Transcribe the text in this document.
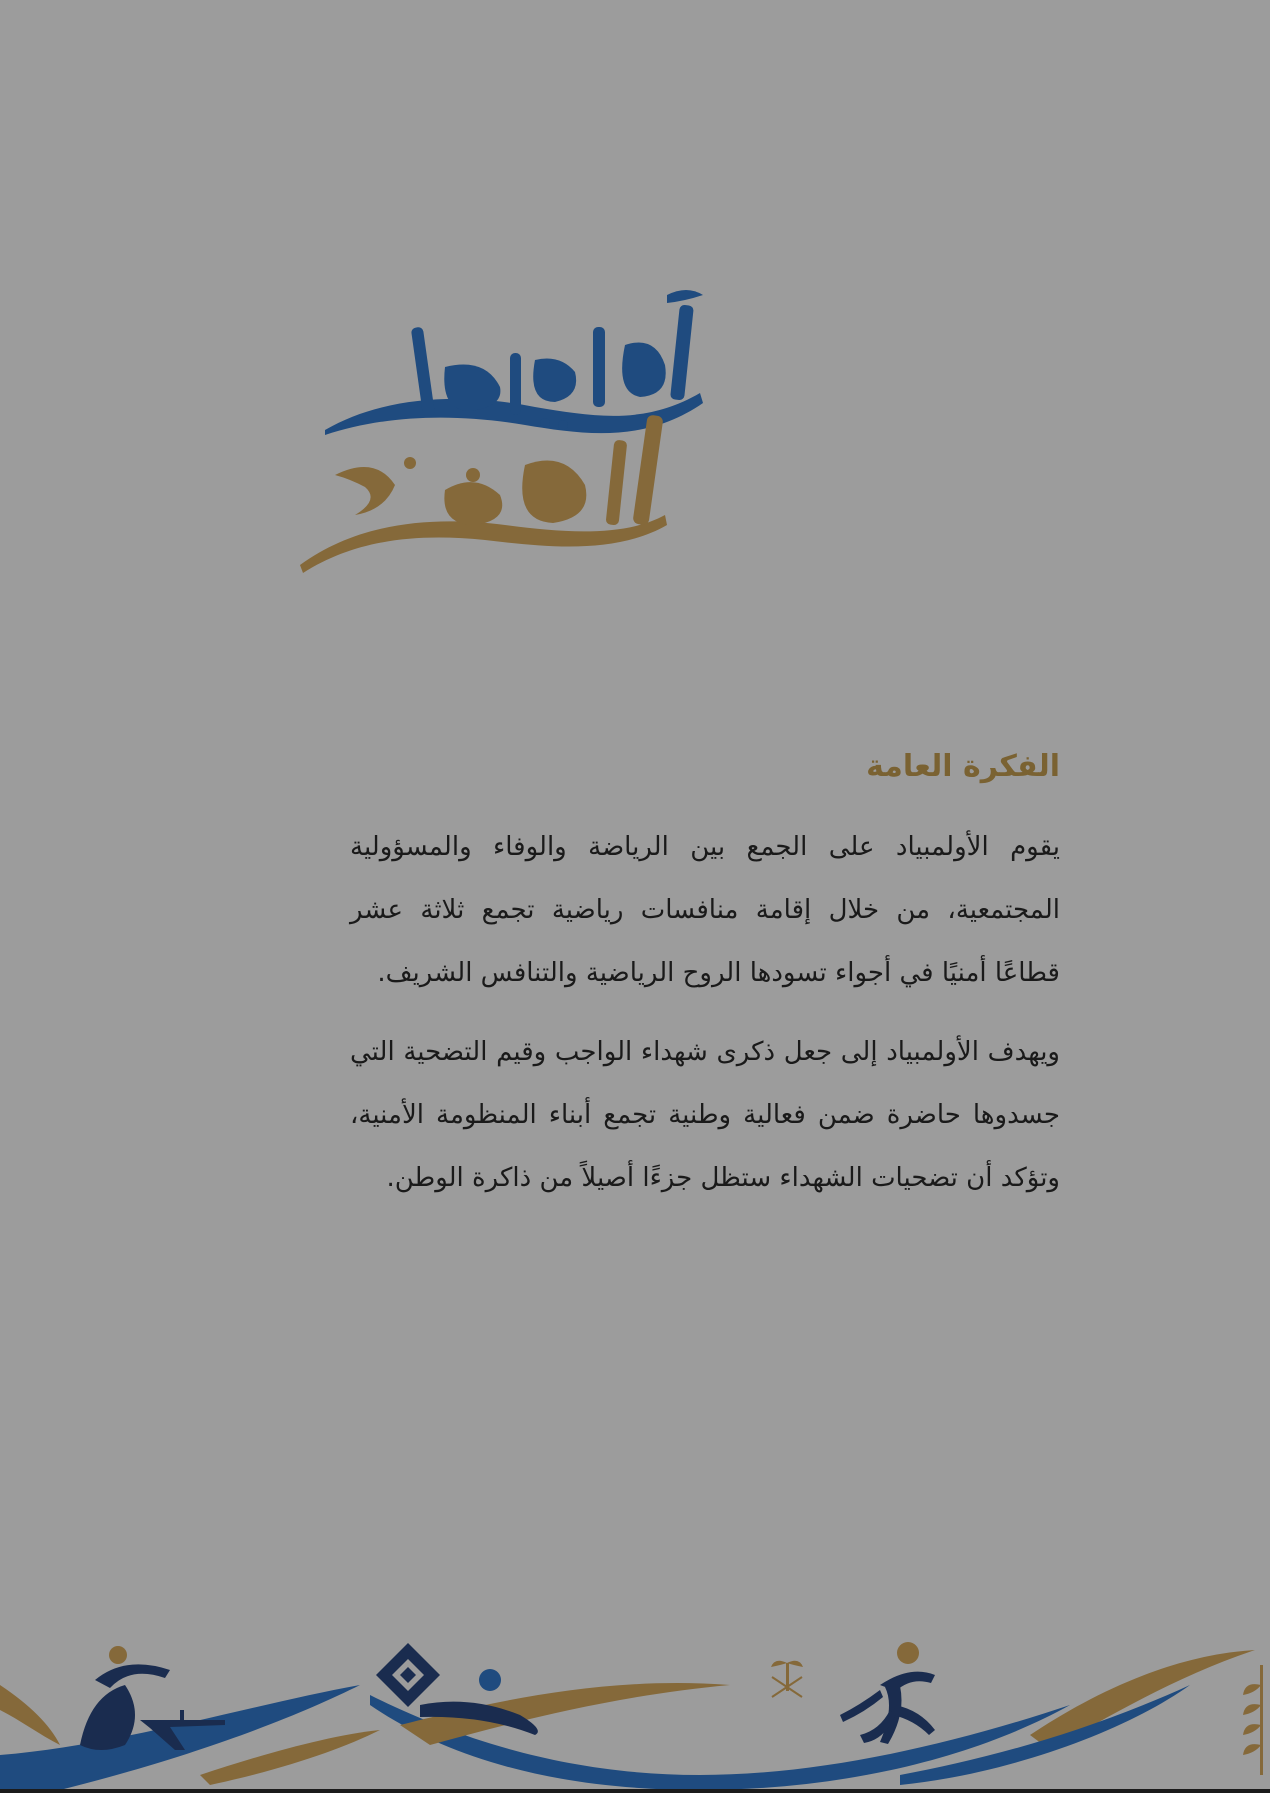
الفكرة العامة

يقوم الأولمبياد على الجمع بين الرياضة والوفاء والمسؤولية المجتمعية، من خلال إقامة منافسات رياضية تجمع ثلاثة عشر قطاعًا أمنيًا في أجواء تسودها الروح الرياضية والتنافس الشريف.

ويهدف الأولمبياد إلى جعل ذكرى شهداء الواجب وقيم التضحية التي جسدوها حاضرة ضمن فعالية وطنية تجمع أبناء المنظومة الأمنية، وتؤكد أن تضحيات الشهداء ستظل جزءًا أصيلاً من ذاكرة الوطن.
